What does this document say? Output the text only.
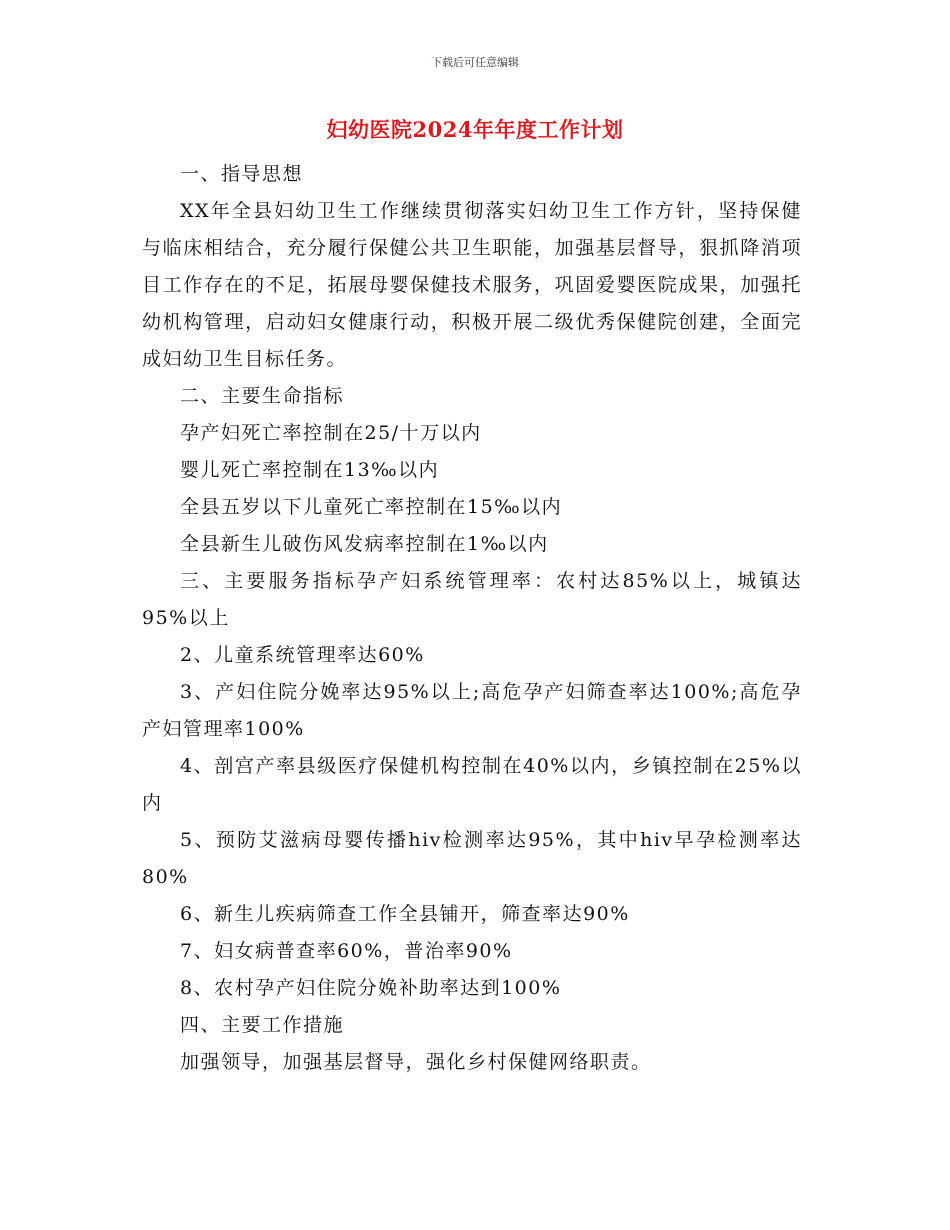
下载后可任意编辑
妇幼医院2024年年度工作计划

一、指导思想

XX年全县妇幼卫生工作继续贯彻落实妇幼卫生工作方针，坚持保健与临床相结合，充分履行保健公共卫生职能，加强基层督导，狠抓降消项目工作存在的不足，拓展母婴保健技术服务，巩固爱婴医院成果，加强托幼机构管理，启动妇女健康行动，积极开展二级优秀保健院创建，全面完成妇幼卫生目标任务。

二、主要生命指标

孕产妇死亡率控制在25/十万以内

婴儿死亡率控制在13‰以内

全县五岁以下儿童死亡率控制在15‰以内

全县新生儿破伤风发病率控制在1‰以内

三、主要服务指标孕产妇系统管理率：农村达85%以上，城镇达95%以上

2、儿童系统管理率达60%

3、产妇住院分娩率达95%以上;高危孕产妇筛查率达100%;高危孕产妇管理率100%

4、剖宫产率县级医疗保健机构控制在40%以内，乡镇控制在25%以内

5、预防艾滋病母婴传播hiv检测率达95%，其中hiv早孕检测率达80%

6、新生儿疾病筛查工作全县铺开，筛查率达90%

7、妇女病普查率60%，普治率90%

8、农村孕产妇住院分娩补助率达到100%

四、主要工作措施

加强领导，加强基层督导，强化乡村保健网络职责。
